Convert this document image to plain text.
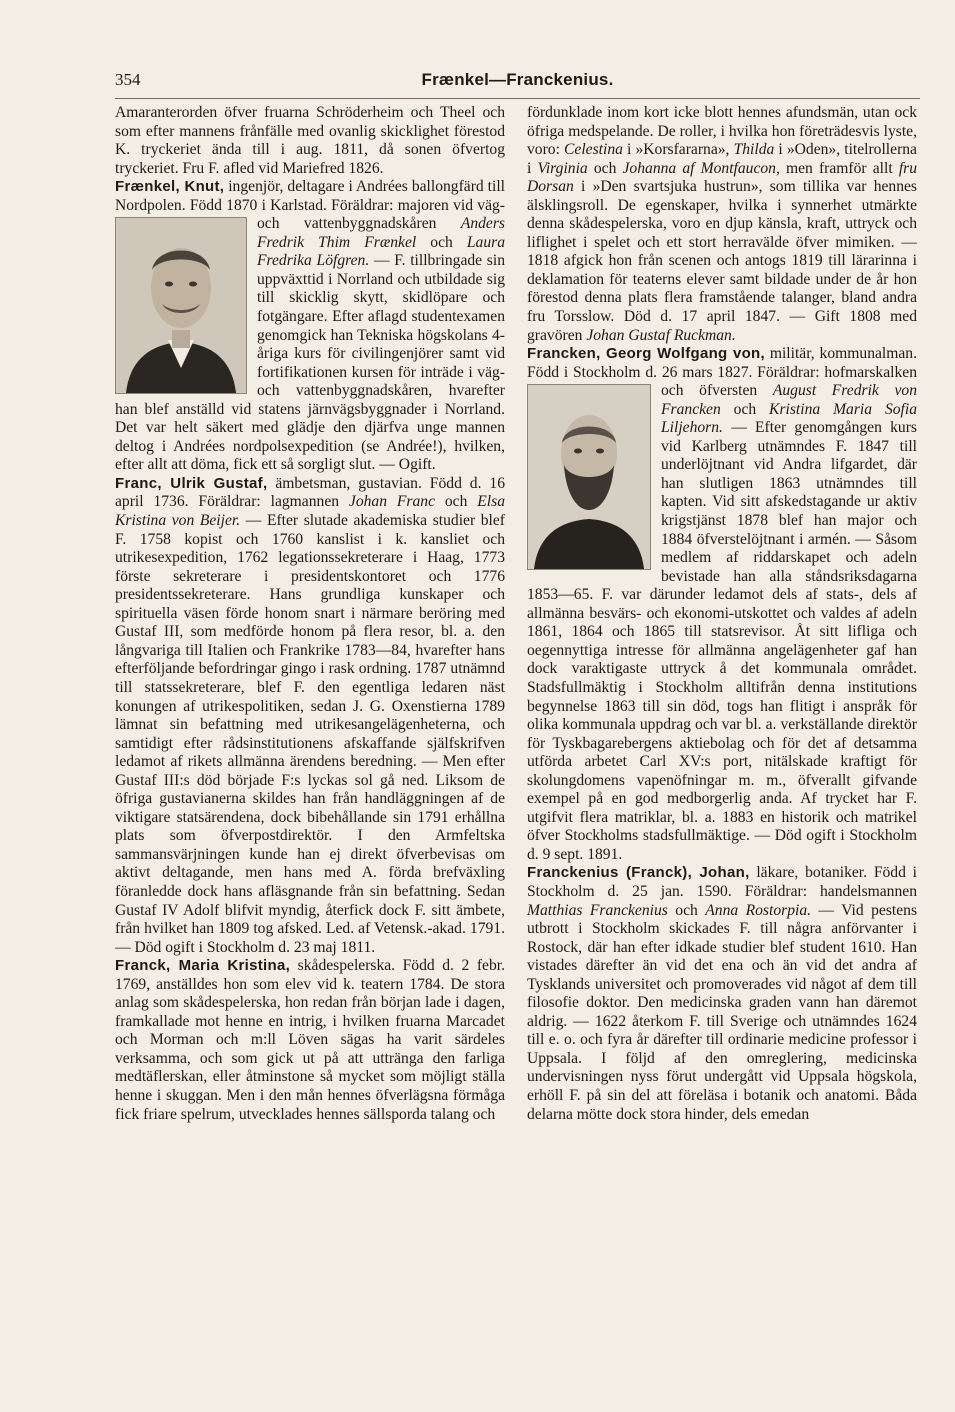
354	Frænkel—Franckenius.

Amaranterorden öfver fruarna Schröderheim och Theel och som efter mannens frånfälle med ovanlig skicklighet förestod K. tryckeriet ända till i aug. 1811, då sonen öfvertog tryckeriet. Fru F. afled vid Mariefred 1826.

Frænkel, Knut, ingenjör, deltagare i Andrées ballongfärd till Nordpolen. Född 1870 i Karlstad. Föräldrar: majoren vid väg- och vattenbyggnadskåren
Anders Fredrik Thim Frænkel och Laura Fredrika Löfgren. — F. tillbringade sin uppväxttid i Norrland och utbildade sig till skicklig skytt, skidlöpare och fotgängare. Efter aflagd studentexamen genomgick han Tekniska högskolans 4-åriga kurs för civilingenjörer samt vid fortifikationen kursen för inträde i väg- och vattenbyggnadskåren, hvarefter han blef anställd vid statens järnvägsbyggnader i Norrland. Det var helt säkert med glädje den djärfva unge mannen deltog i Andrées nordpolsexpedition (se Andrée!), hvilken, efter allt att döma, fick ett så sorgligt slut. — Ogift.

Franc, Ulrik Gustaf, ämbetsman, gustavian. Född d. 16 april 1736. Föräldrar: lagmannen Johan Franc och Elsa Kristina von Beijer. — Efter slutade akademiska studier blef F. 1758 kopist och 1760 kanslist i k. kansliet och utrikesexpedition, 1762 legationssekreterare i Haag, 1773 förste sekreterare i presidentskontoret och 1776 presidentssekreterare. Hans grundliga kunskaper och spirituella väsen förde honom snart i närmare beröring med Gustaf III, som medförde honom på flera resor, bl. a. den långvariga till Italien och Frankrike 1783—84, hvarefter hans efterföljande befordringar gingo i rask ordning. 1787 utnämnd till statssekreterare, blef F. den egentliga ledaren näst konungen af utrikespolitiken, sedan J. G. Oxenstierna 1789 lämnat sin befattning med utrikesangelägenheterna, och samtidigt efter rådsinstitutionens afskaffande själfskrifven ledamot af rikets allmänna ärendens beredning. — Men efter Gustaf III:s död började F:s lyckas sol gå ned. Liksom de öfriga gustavianerna skildes han från handläggningen af de viktigare statsärendena, dock bibehållande sin 1791 erhållna plats som öfverpostdirektör. I den Armfeltska sammansvärjningen kunde han ej direkt öfverbevisas om aktivt deltagande, men hans med A. förda brefväxling föranledde dock hans afläsgnande från sin befattning. Sedan Gustaf IV Adolf blifvit myndig, återfick dock F. sitt ämbete, från hvilket han 1809 tog afsked. Led. af Vetensk.-akad. 1791. — Död ogift i Stockholm d. 23 maj 1811.

Franck, Maria Kristina, skådespelerska. Född d. 2 febr. 1769, anställdes hon som elev vid k. teatern 1784. De stora anlag som skådespelerska, hon redan från början lade i dagen, framkallade mot henne en intrig, i hvilken fruarna Marcadet och Morman och m:ll Löven sägas ha varit särdeles verksamma, och som gick ut på att uttränga den farliga medtäflerskan, eller åtminstone så mycket som möjligt ställa henne i skuggan. Men i den mån hennes öfverlägsna förmåga fick friare spelrum, utvecklades hennes sällsporda talang och

fördunklade inom kort icke blott hennes afundsmän, utan ock öfriga medspelande. De roller, i hvilka hon företrädesvis lyste, voro: Celestina i »Korsfararna», Thilda i »Oden», titelrollerna i Virginia och Johanna af Montfaucon, men framför allt fru Dorsan i »Den svartsjuka hustrun», som tillika var hennes älsklingsroll. De egenskaper, hvilka i synnerhet utmärkte denna skådespelerska, voro en djup känsla, kraft, uttryck och liflighet i spelet och ett stort herravälde öfver mimiken. — 1818 afgick hon från scenen och antogs 1819 till lärarinna i deklamation för teaterns elever samt bildade under de år hon förestod denna plats flera framstående talanger, bland andra fru Torsslow. Död d. 17 april 1847. — Gift 1808 med gravören Johan Gustaf Ruckman.

Francken, Georg Wolfgang von, militär, kommunalman. Född i Stockholm d. 26 mars 1827. Föräldrar: hofmarskalken och öfversten
August Fredrik von Francken och Kristina Maria Sofia Liljehorn. — Efter genomgången kurs vid Karlberg utnämndes F. 1847 till underlöjtnant vid Andra lifgardet, där han slutligen 1863 utnämndes till kapten. Vid sitt afskedstagande ur aktiv krigstjänst 1878 blef han major och 1884 öfverstelöjtnant i armén. — Såsom medlem af riddarskapet och adeln bevistade han alla ståndsriksdagarna 1853—65. F. var därunder ledamot dels af stats-, dels af allmänna besvärs- och ekonomi-utskottet och valdes af adeln 1861, 1864 och 1865 till statsrevisor. Åt sitt lifliga och oegennyttiga intresse för allmänna angelägenheter gaf han dock varaktigaste uttryck å det kommunala området. Stadsfullmäktig i Stockholm alltifrån denna institutions begynnelse 1863 till sin död, togs han flitigt i anspråk för olika kommunala uppdrag och var bl. a. verkställande direktör för Tyskbagarebergens aktiebolag och för det af detsamma utförda arbetet Carl XV:s port, nitälskade kraftigt för skolungdomens vapenöfningar m. m., öfverallt gifvande exempel på en god medborgerlig anda. Af trycket har F. utgifvit flera matriklar, bl. a. 1883 en historik och matrikel öfver Stockholms stadsfullmäktige. — Död ogift i Stockholm d. 9 sept. 1891.

Franckenius (Franck), Johan, läkare, botaniker. Född i Stockholm d. 25 jan. 1590. Föräldrar: handelsmannen Matthias Franckenius och Anna Rostorpia. — Vid pestens utbrott i Stockholm skickades F. till några anförvanter i Rostock, där han efter idkade studier blef student 1610. Han vistades därefter än vid det ena och än vid det andra af Tysklands universitet och promoverades vid något af dem till filosofie doktor. Den medicinska graden vann han däremot aldrig. — 1622 återkom F. till Sverige och utnämndes 1624 till e. o. och fyra år därefter till ordinarie medicine professor i Uppsala. I följd af den omreglering, medicinska undervisningen nyss förut undergått vid Uppsala högskola, erhöll F. på sin del att föreläsa i botanik och anatomi. Båda delarna mötte dock stora hinder, dels emedan
